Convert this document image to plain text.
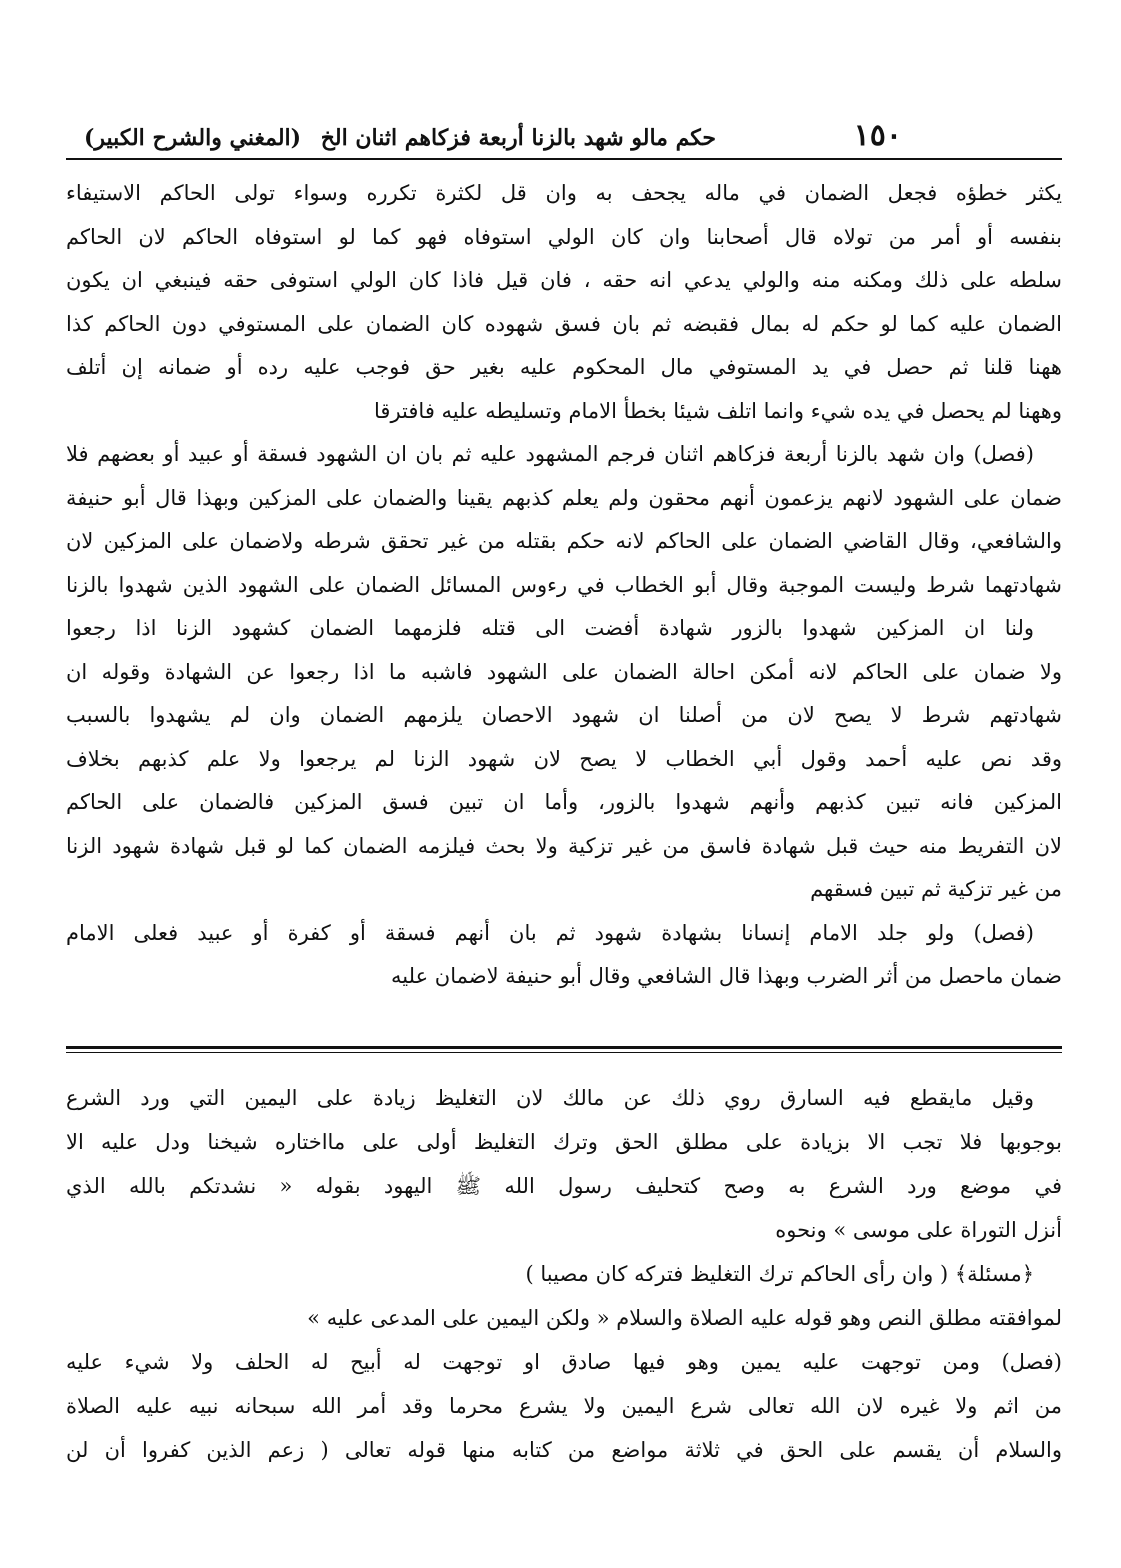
١٥٠
حكم مالو شهد بالزنا أربعة فزكاهم اثنان الخ
(المغني والشرح الكبير)
يكثر خطؤه فجعل الضمان في ماله يجحف به وان قل لكثرة تكرره وسواء تولى الحاكم الاستيفاء
بنفسه أو أمر من تولاه قال أصحابنا وان كان الولي استوفاه فهو كما لو استوفاه الحاكم لان الحاكم
سلطه على ذلك ومكنه منه والولي يدعي انه حقه ، فان قيل فاذا كان الولي استوفى حقه فينبغي ان يكون
الضمان عليه كما لو حكم له بمال فقبضه ثم بان فسق شهوده كان الضمان على المستوفي دون الحاكم كذا
ههنا قلنا ثم حصل في يد المستوفي مال المحكوم عليه بغير حق فوجب عليه رده أو ضمانه إن أتلف
وههنا لم يحصل في يده شيء وانما اتلف شيئا بخطأ الامام وتسليطه عليه فافترقا
(فصل) وان شهد بالزنا أربعة فزكاهم اثنان فرجم المشهود عليه ثم بان ان الشهود فسقة أو عبيد أو بعضهم فلا
ضمان على الشهود لانهم يزعمون أنهم محقون ولم يعلم كذبهم يقينا والضمان على المزكين وبهذا قال أبو حنيفة
والشافعي، وقال القاضي الضمان على الحاكم لانه حكم بقتله من غير تحقق شرطه ولاضمان على المزكين لان
شهادتهما شرط وليست الموجبة وقال أبو الخطاب في رءوس المسائل الضمان على الشهود الذين شهدوا بالزنا
ولنا ان المزكين شهدوا بالزور شهادة أفضت الى قتله فلزمهما الضمان كشهود الزنا اذا رجعوا
ولا ضمان على الحاكم لانه أمكن احالة الضمان على الشهود فاشبه ما اذا رجعوا عن الشهادة وقوله ان
شهادتهم شرط لا يصح لان من أصلنا ان شهود الاحصان يلزمهم الضمان وان لم يشهدوا بالسبب
وقد نص عليه أحمد وقول أبي الخطاب لا يصح لان شهود الزنا لم يرجعوا ولا علم كذبهم بخلاف
المزكين فانه تبين كذبهم وأنهم شهدوا بالزور، وأما ان تبين فسق المزكين فالضمان على الحاكم
لان التفريط منه حيث قبل شهادة فاسق من غير تزكية ولا بحث فيلزمه الضمان كما لو قبل شهادة شهود الزنا
من غير تزكية ثم تبين فسقهم
(فصل) ولو جلد الامام إنسانا بشهادة شهود ثم بان أنهم فسقة أو كفرة أو عبيد فعلى الامام
ضمان ماحصل من أثر الضرب وبهذا قال الشافعي وقال أبو حنيفة لاضمان عليه
وقيل مايقطع فيه السارق روي ذلك عن مالك لان التغليظ زيادة على اليمين التي ورد الشرع
بوجوبها فلا تجب الا بزيادة على مطلق الحق وترك التغليظ أولى على مااختاره شيخنا ودل عليه الا
في موضع ورد الشرع به وصح كتحليف رسول الله ﷺ اليهود بقوله « نشدتكم بالله الذي
أنزل التوراة على موسى » ونحوه
﴿مسئلة﴾ ( وان رأى الحاكم ترك التغليظ فتركه كان مصيبا )
لموافقته مطلق النص وهو قوله عليه الصلاة والسلام « ولكن اليمين على المدعى عليه »
(فصل) ومن توجهت عليه يمين وهو فيها صادق او توجهت له أبيح له الحلف ولا شيء عليه
من اثم ولا غيره لان الله تعالى شرع اليمين ولا يشرع محرما وقد أمر الله سبحانه نبيه عليه الصلاة
والسلام أن يقسم على الحق في ثلاثة مواضع من كتابه منها قوله تعالى ( زعم الذين كفروا أن لن
